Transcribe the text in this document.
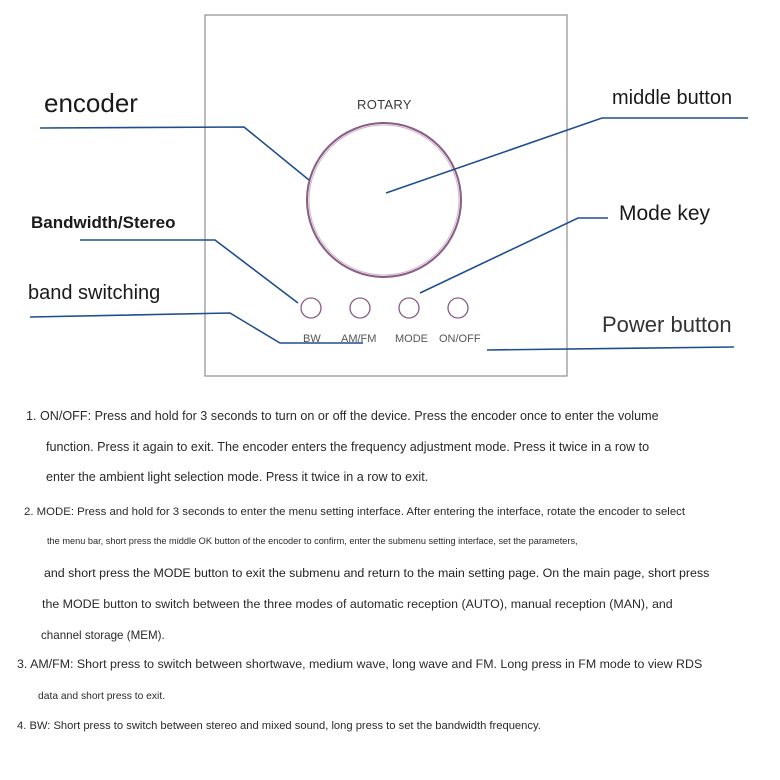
ROTARY
BW AM/FM MODE ON/OFF
encoder	middle button
Bandwidth/Stereo	Mode key
band switching
Power button
1. ON/OFF: Press and hold for 3 seconds to turn on or off the device. Press the encoder once to enter the volume
function. Press it again to exit. The encoder enters the frequency adjustment mode. Press it twice in a row to
enter the ambient light selection mode. Press it twice in a row to exit.
2. MODE: Press and hold for 3 seconds to enter the menu setting interface. After entering the interface, rotate the encoder to select
the menu bar, short press the middle OK button of the encoder to confirm, enter the submenu setting interface, set the parameters,
and short press the MODE button to exit the submenu and return to the main setting page. On the main page, short press
the MODE button to switch between the three modes of automatic reception (AUTO), manual reception (MAN), and
channel storage (MEM).
3. AM/FM: Short press to switch between shortwave, medium wave, long wave and FM. Long press in FM mode to view RDS
data and short press to exit.
4. BW: Short press to switch between stereo and mixed sound, long press to set the bandwidth frequency.
